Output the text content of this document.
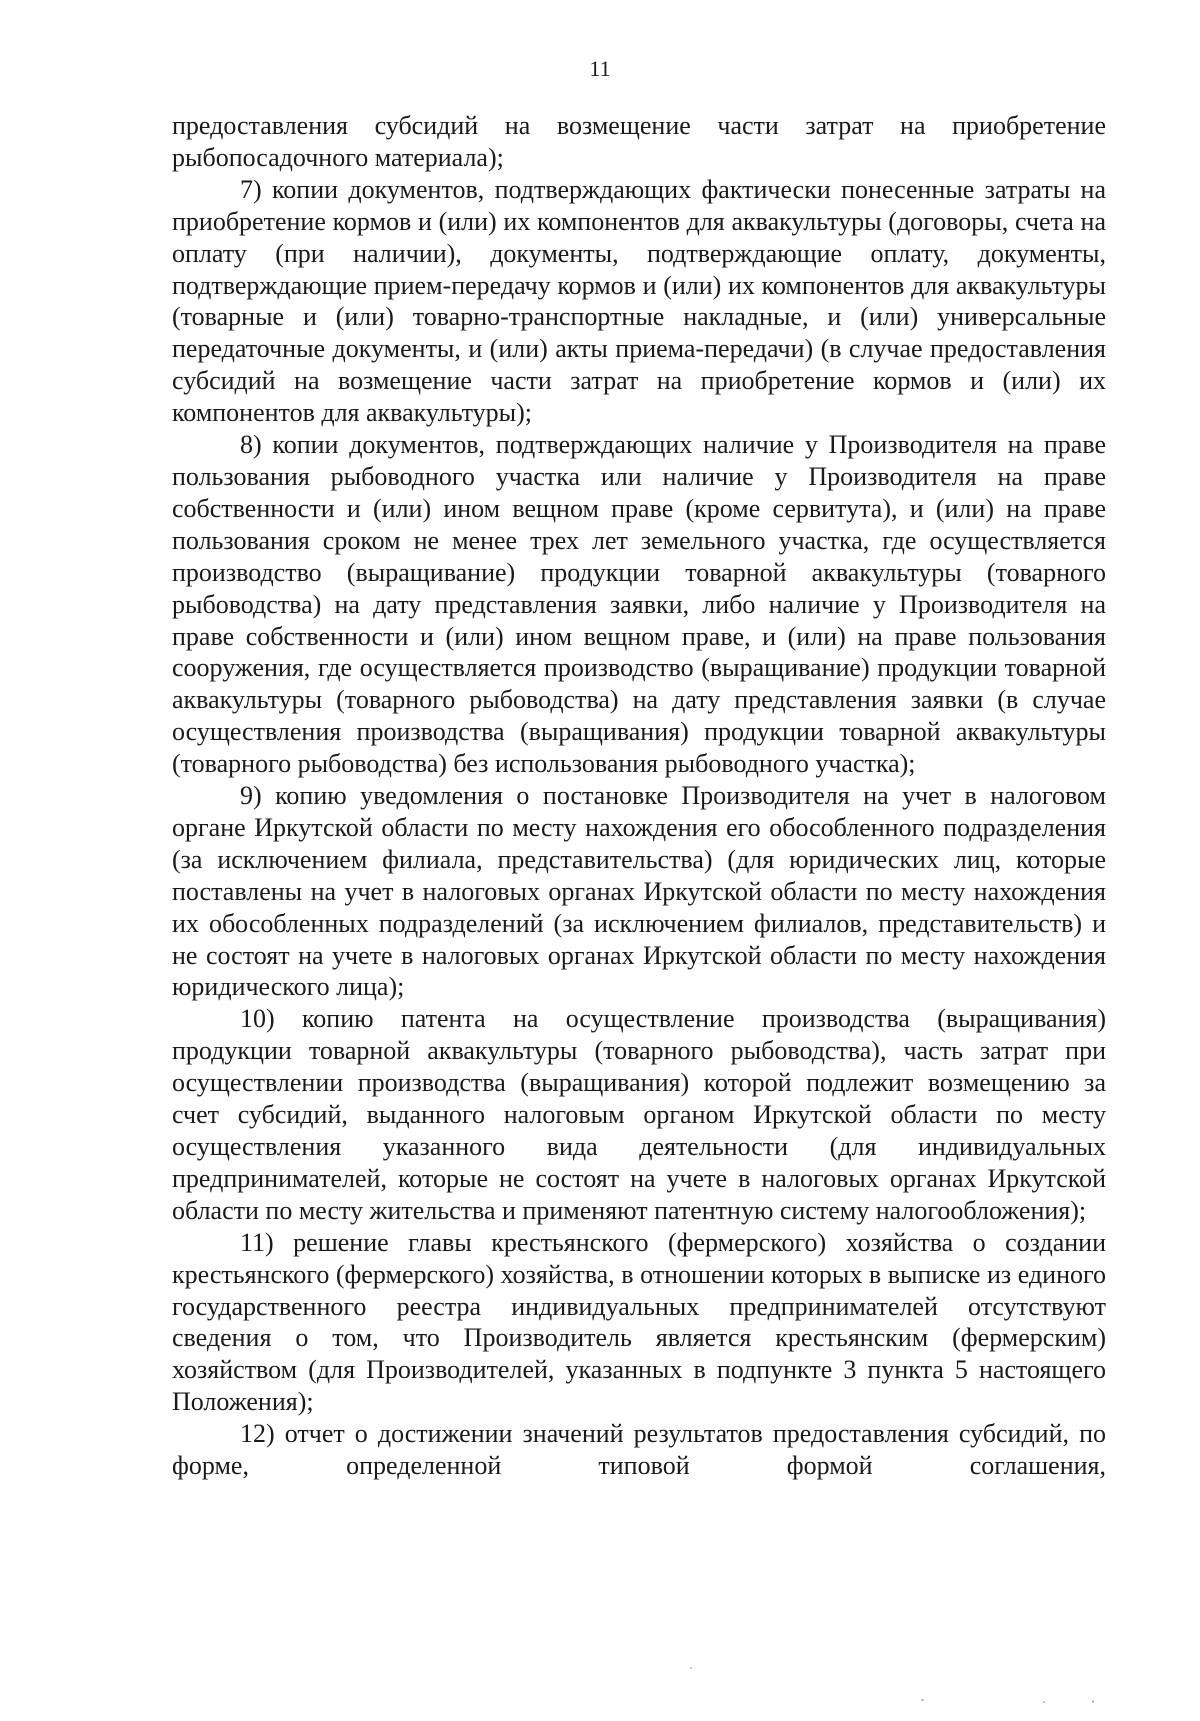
11

предоставления субсидий на возмещение части затрат на приобретение рыбопосадочного материала);

7) копии документов, подтверждающих фактически понесенные затраты на приобретение кормов и (или) их компонентов для аквакультуры (договоры, счета на оплату (при наличии), документы, подтверждающие оплату, документы, подтверждающие прием-передачу кормов и (или) их компонентов для аквакультуры (товарные и (или) товарно-транспортные накладные, и (или) универсальные передаточные документы, и (или) акты приема-передачи) (в случае предоставления субсидий на возмещение части затрат на приобретение кормов и (или) их компонентов для аквакультуры);

8) копии документов, подтверждающих наличие у Производителя на праве пользования рыбоводного участка или наличие у Производителя на праве собственности и (или) ином вещном праве (кроме сервитута), и (или) на праве пользования сроком не менее трех лет земельного участка, где осуществляется производство (выращивание) продукции товарной аквакультуры (товарного рыбоводства) на дату представления заявки, либо наличие у Производителя на праве собственности и (или) ином вещном праве, и (или) на праве пользования сооружения, где осуществляется производство (выращивание) продукции товарной аквакультуры (товарного рыбоводства) на дату представления заявки (в случае осуществления производства (выращивания) продукции товарной аквакультуры (товарного рыбоводства) без использования рыбоводного участка);

9) копию уведомления о постановке Производителя на учет в налоговом органе Иркутской области по месту нахождения его обособленного подразделения (за исключением филиала, представительства) (для юридических лиц, которые поставлены на учет в налоговых органах Иркутской области по месту нахождения их обособленных подразделений (за исключением филиалов, представительств) и не состоят на учете в налоговых органах Иркутской области по месту нахождения юридического лица);

10) копию патента на осуществление производства (выращивания) продукции товарной аквакультуры (товарного рыбоводства), часть затрат при осуществлении производства (выращивания) которой подлежит возмещению за счет субсидий, выданного налоговым органом Иркутской области по месту осуществления указанного вида деятельности (для индивидуальных предпринимателей, которые не состоят на учете в налоговых органах Иркутской области по месту жительства и применяют патентную систему налогообложения);

11) решение главы крестьянского (фермерского) хозяйства о создании крестьянского (фермерского) хозяйства, в отношении которых в выписке из единого государственного реестра индивидуальных предпринимателей отсутствуют сведения о том, что Производитель является крестьянским (фермерским) хозяйством (для Производителей, указанных в подпункте 3 пункта 5 настоящего Положения);

12) отчет о достижении значений результатов предоставления субсидий, по форме, определенной типовой формой соглашения,
